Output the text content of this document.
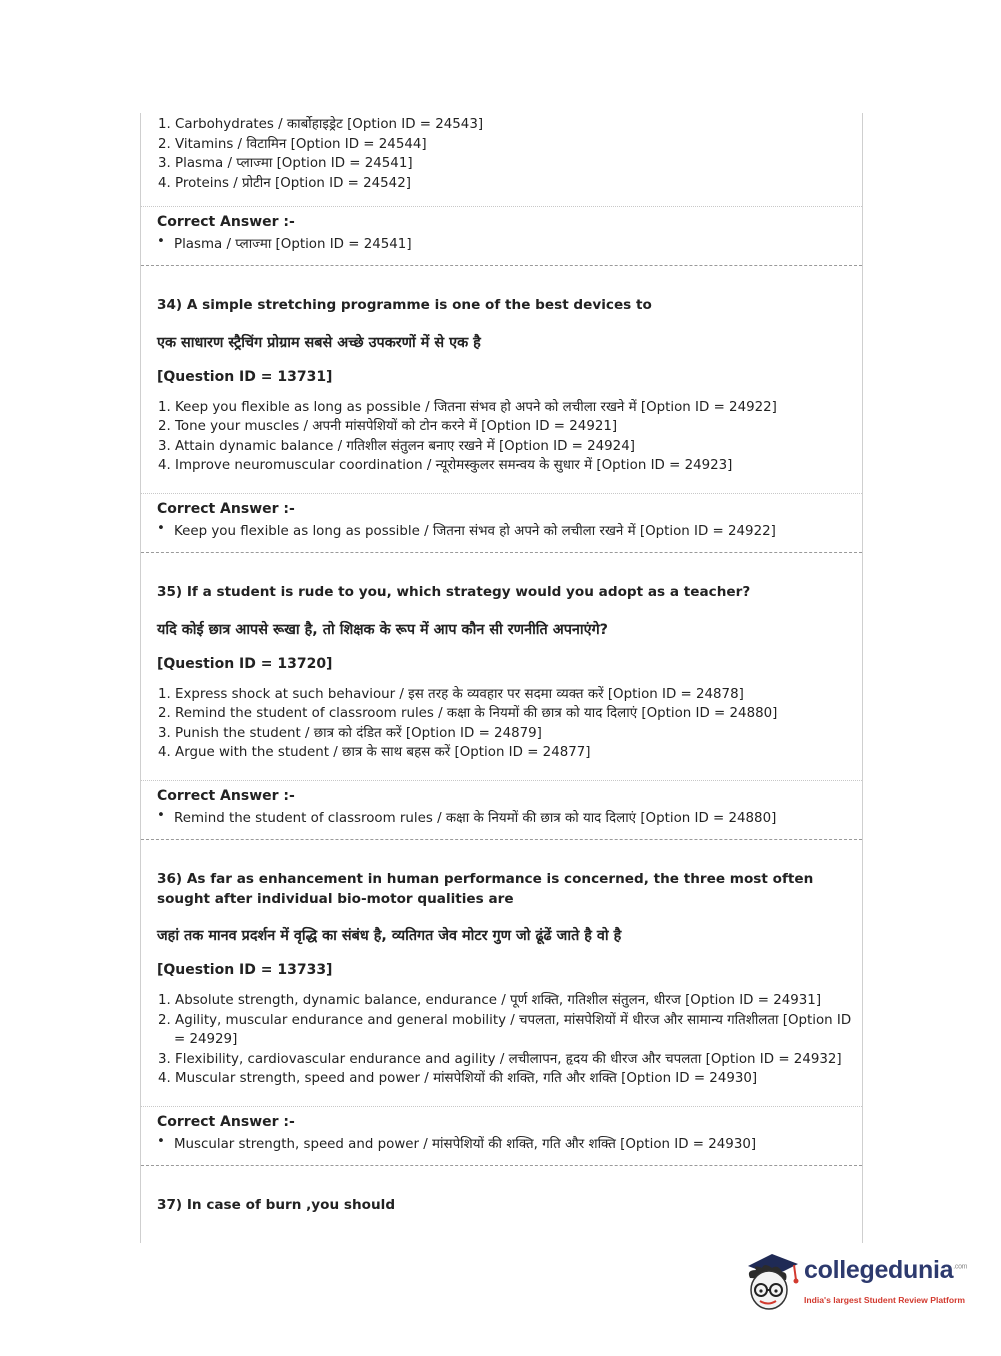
1. Carbohydrates / कार्बोहाइड्रेट [Option ID = 24543]
2. Vitamins / विटामिन [Option ID = 24544]
3. Plasma / प्लाज्मा [Option ID = 24541]
4. Proteins / प्रोटीन [Option ID = 24542]
Correct Answer :-
• Plasma / प्लाज्मा [Option ID = 24541]
34) A simple stretching programme is one of the best devices to
एक साधारण स्ट्रैचिंग प्रोग्राम सबसे अच्छे उपकरणों में से एक है
[Question ID = 13731]
1. Keep you flexible as long as possible / जितना संभव हो अपने को लचीला रखने में [Option ID = 24922]
2. Tone your muscles / अपनी मांसपेशियों को टोन करने में [Option ID = 24921]
3. Attain dynamic balance / गतिशील संतुलन बनाए रखने में [Option ID = 24924]
4. Improve neuromuscular coordination / न्यूरोमस्कुलर समन्वय के सुधार में [Option ID = 24923]
Correct Answer :-
• Keep you flexible as long as possible / जितना संभव हो अपने को लचीला रखने में [Option ID = 24922]
35) If a student is rude to you, which strategy would you adopt as a teacher?
यदि कोई छात्र आपसे रूखा है, तो शिक्षक के रूप में आप कौन सी रणनीति अपनाएंगे?
[Question ID = 13720]
1. Express shock at such behaviour / इस तरह के व्यवहार पर सदमा व्यक्त करें [Option ID = 24878]
2. Remind the student of classroom rules / कक्षा के नियमों की छात्र को याद दिलाएं [Option ID = 24880]
3. Punish the student / छात्र को दंडित करें [Option ID = 24879]
4. Argue with the student / छात्र के साथ बहस करें [Option ID = 24877]
Correct Answer :-
• Remind the student of classroom rules / कक्षा के नियमों की छात्र को याद दिलाएं [Option ID = 24880]
36) As far as enhancement in human performance is concerned, the three most often sought after individual bio-motor qualities are
जहां तक मानव प्रदर्शन में वृद्धि का संबंध है, व्यतिगत जेव मोटर गुण जो ढूंढें जाते है वो है
[Question ID = 13733]
1. Absolute strength, dynamic balance, endurance / पूर्ण शक्ति, गतिशील संतुलन, धीरज [Option ID = 24931]
2. Agility, muscular endurance and general mobility / चपलता, मांसपेशियों में धीरज और सामान्य गतिशीलता [Option ID = 24929]
3. Flexibility, cardiovascular endurance and agility / लचीलापन, हृदय की धीरज और चपलता [Option ID = 24932]
4. Muscular strength, speed and power / मांसपेशियों की शक्ति, गति और शक्ति [Option ID = 24930]
Correct Answer :-
• Muscular strength, speed and power / मांसपेशियों की शक्ति, गति और शक्ति [Option ID = 24930]
37) In case of burn ,you should
collegedunia$^{.com}$
India's largest Student Review Platform
